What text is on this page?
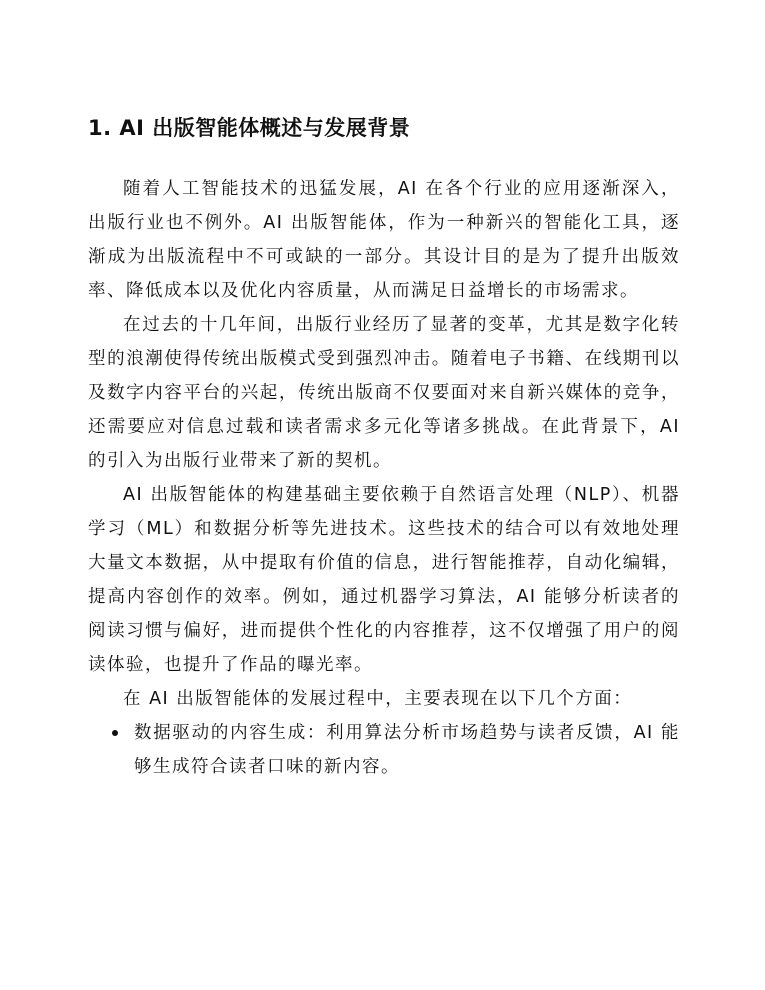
1. AI 出版智能体概述与发展背景

随着人工智能技术的迅猛发展，AI 在各个行业的应用逐渐深入，出版行业也不例外。AI 出版智能体，作为一种新兴的智能化工具，逐渐成为出版流程中不可或缺的一部分。其设计目的是为了提升出版效率、降低成本以及优化内容质量，从而满足日益增长的市场需求。

在过去的十几年间，出版行业经历了显著的变革，尤其是数字化转型的浪潮使得传统出版模式受到强烈冲击。随着电子书籍、在线期刊以及数字内容平台的兴起，传统出版商不仅要面对来自新兴媒体的竞争，还需要应对信息过载和读者需求多元化等诸多挑战。在此背景下，AI 的引入为出版行业带来了新的契机。

AI 出版智能体的构建基础主要依赖于自然语言处理（NLP）、机器学习（ML）和数据分析等先进技术。这些技术的结合可以有效地处理大量文本数据，从中提取有价值的信息，进行智能推荐，自动化编辑，提高内容创作的效率。例如，通过机器学习算法，AI 能够分析读者的阅读习惯与偏好，进而提供个性化的内容推荐，这不仅增强了用户的阅读体验，也提升了作品的曝光率。

在 AI 出版智能体的发展过程中，主要表现在以下几个方面：

数据驱动的内容生成：利用算法分析市场趋势与读者反馈，AI 能够生成符合读者口味的新内容。
